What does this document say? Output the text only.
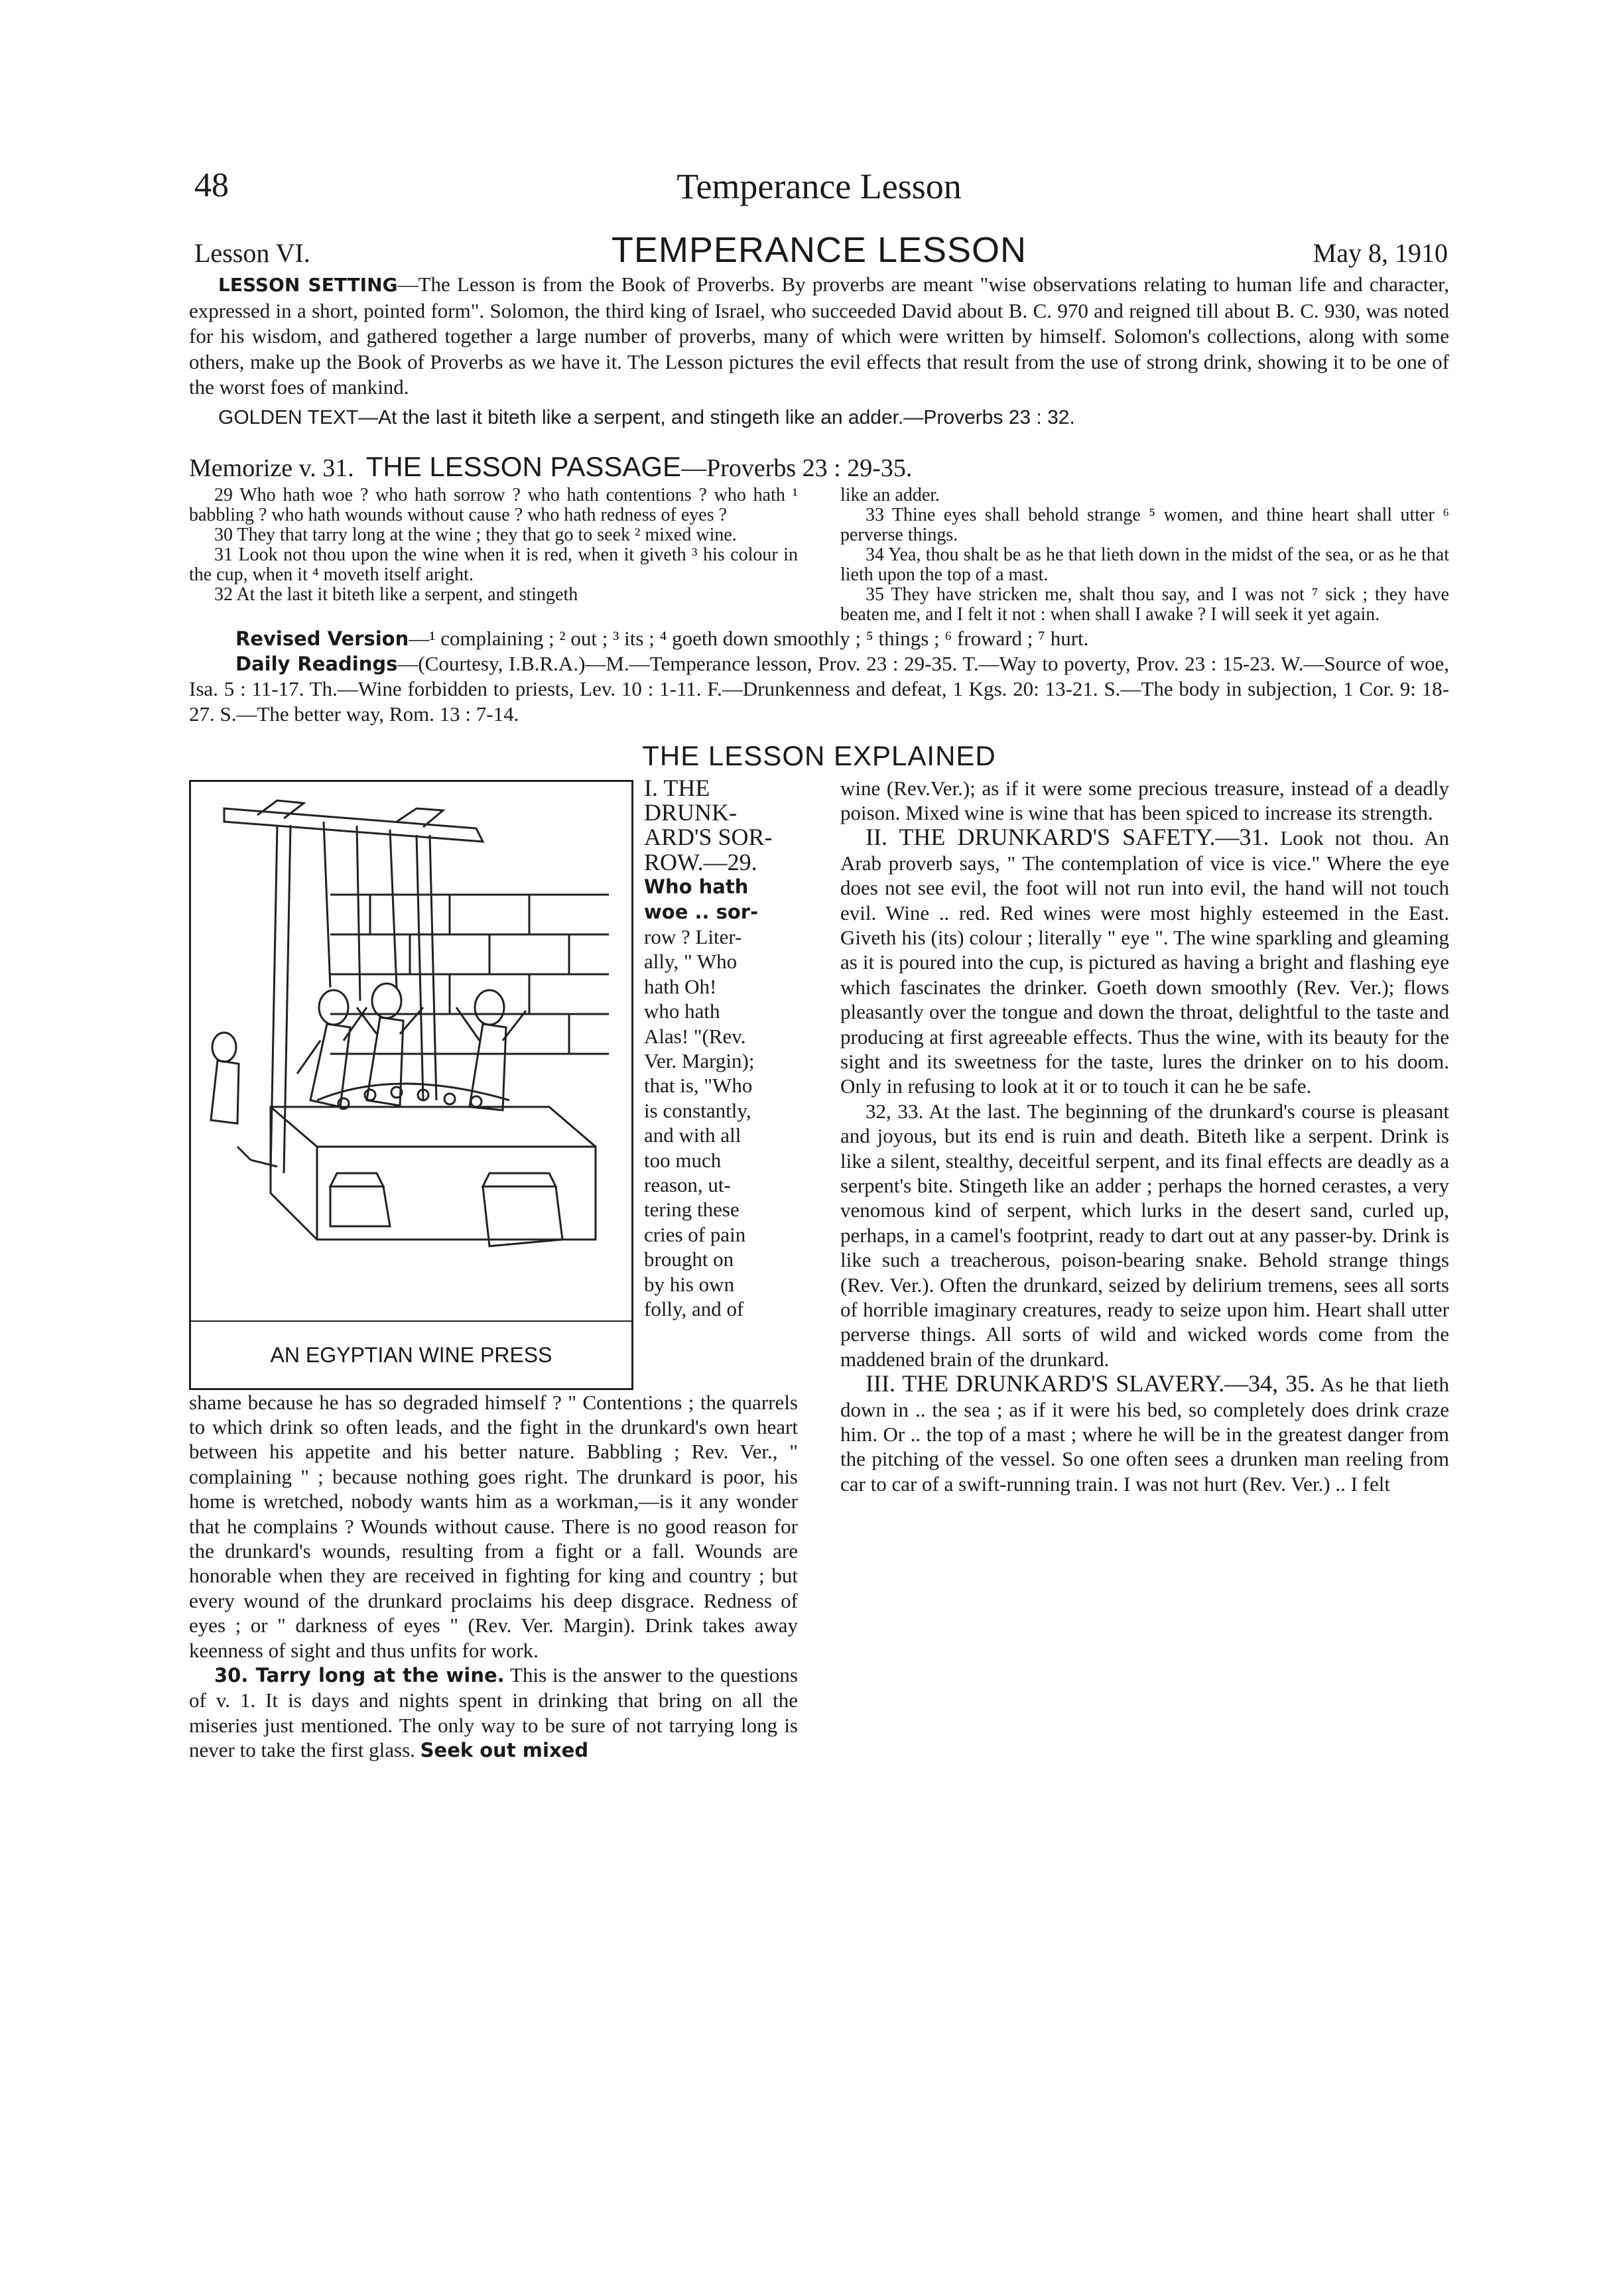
48	Temperance Lesson
Lesson VI.	TEMPERANCE LESSON	May 8, 1910

LESSON SETTING—The Lesson is from the Book of Proverbs. By proverbs are meant "wise observations relating to human life and character, expressed in a short, pointed form". Solomon, the third king of Israel, who succeeded David about B. C. 970 and reigned till about B. C. 930, was noted for his wisdom, and gathered together a large number of proverbs, many of which were written by himself. Solomon's collections, along with some others, make up the Book of Proverbs as we have it. The Lesson pictures the evil effects that result from the use of strong drink, showing it to be one of the worst foes of mankind.

GOLDEN TEXT—At the last it biteth like a serpent, and stingeth like an adder.—Proverbs 23 : 32.

Memorize v. 31. THE LESSON PASSAGE—Proverbs 23 : 29-35.

29 Who hath woe ? who hath sorrow ? who hath contentions ? who hath ¹ babbling ? who hath wounds without cause ? who hath redness of eyes ?

30 They that tarry long at the wine ; they that go to seek ² mixed wine.

31 Look not thou upon the wine when it is red, when it giveth ³ his colour in the cup, when it ⁴ moveth itself aright.

32 At the last it biteth like a serpent, and stingeth

like an adder.

33 Thine eyes shall behold strange ⁵ women, and thine heart shall utter ⁶ perverse things.

34 Yea, thou shalt be as he that lieth down in the midst of the sea, or as he that lieth upon the top of a mast.

35 They have stricken me, shalt thou say, and I was not ⁷ sick ; they have beaten me, and I felt it not : when shall I awake ? I will seek it yet again.

Revised Version—¹ complaining ; ² out ; ³ its ; ⁴ goeth down smoothly ; ⁵ things ; ⁶ froward ; ⁷ hurt.

Daily Readings—(Courtesy, I.B.R.A.)—M.—Temperance lesson, Prov. 23 : 29-35. T.—Way to poverty, Prov. 23 : 15-23. W.—Source of woe, Isa. 5 : 11-17. Th.—Wine forbidden to priests, Lev. 10 : 1-11. F.—Drunkenness and defeat, 1 Kgs. 20: 13-21. S.—The body in subjection, 1 Cor. 9: 18-27. S.—The better way, Rom. 13 : 7-14.

THE LESSON EXPLAINED
AN EGYPTIAN WINE PRESS
I. THE
DRUNK-
ARD'S SOR-
ROW.—29.
Who hath
woe .. sor-
row ? Liter-
ally, " Who
hath Oh!
who hath
Alas! "(Rev.
Ver. Margin);
that is, "Who
is constantly,
and with all
too much
reason, ut-
tering these
cries of pain
brought on
by his own
folly, and of

shame because he has so degraded himself ? " Contentions ; the quarrels to which drink so often leads, and the fight in the drunkard's own heart between his appetite and his better nature. Babbling ; Rev. Ver., " complaining " ; because nothing goes right. The drunkard is poor, his home is wretched, nobody wants him as a workman,—is it any wonder that he complains ? Wounds without cause. There is no good reason for the drunkard's wounds, resulting from a fight or a fall. Wounds are honorable when they are received in fighting for king and country ; but every wound of the drunkard proclaims his deep disgrace. Redness of eyes ; or " darkness of eyes " (Rev. Ver. Margin). Drink takes away keenness of sight and thus unfits for work.

30. Tarry long at the wine. This is the answer to the questions of v. 1. It is days and nights spent in drinking that bring on all the miseries just mentioned. The only way to be sure of not tarrying long is never to take the first glass. Seek out mixed

wine (Rev.Ver.); as if it were some precious treasure, instead of a deadly poison. Mixed wine is wine that has been spiced to increase its strength.

II. THE DRUNKARD'S SAFETY.—31. Look not thou. An Arab proverb says, " The contemplation of vice is vice." Where the eye does not see evil, the foot will not run into evil, the hand will not touch evil. Wine .. red. Red wines were most highly esteemed in the East. Giveth his (its) colour ; literally " eye ". The wine sparkling and gleaming as it is poured into the cup, is pictured as having a bright and flashing eye which fascinates the drinker. Goeth down smoothly (Rev. Ver.); flows pleasantly over the tongue and down the throat, delightful to the taste and producing at first agreeable effects. Thus the wine, with its beauty for the sight and its sweetness for the taste, lures the drinker on to his doom. Only in refusing to look at it or to touch it can he be safe.

32, 33. At the last. The beginning of the drunkard's course is pleasant and joyous, but its end is ruin and death. Biteth like a serpent. Drink is like a silent, stealthy, deceitful serpent, and its final effects are deadly as a serpent's bite. Stingeth like an adder ; perhaps the horned cerastes, a very venomous kind of serpent, which lurks in the desert sand, curled up, perhaps, in a camel's footprint, ready to dart out at any passer-by. Drink is like such a treacherous, poison-bearing snake. Behold strange things (Rev. Ver.). Often the drunkard, seized by delirium tremens, sees all sorts of horrible imaginary creatures, ready to seize upon him. Heart shall utter perverse things. All sorts of wild and wicked words come from the maddened brain of the drunkard.

III. THE DRUNKARD'S SLAVERY.—34, 35. As he that lieth down in .. the sea ; as if it were his bed, so completely does drink craze him. Or .. the top of a mast ; where he will be in the greatest danger from the pitching of the vessel. So one often sees a drunken man reeling from car to car of a swift-running train. I was not hurt (Rev. Ver.) .. I felt
